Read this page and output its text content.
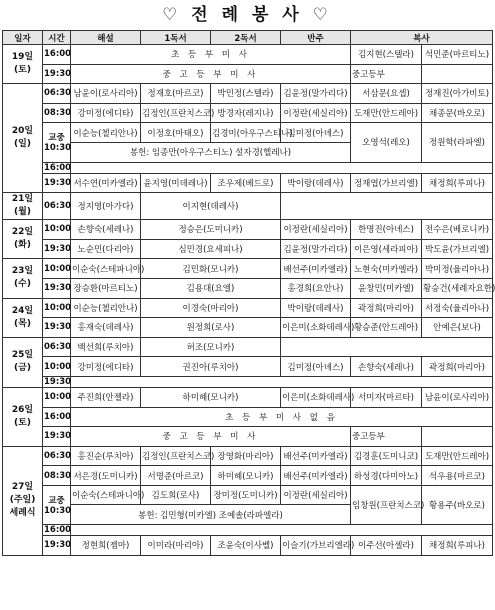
♡ 전 례 봉 사 ♡
일자	시간	해설	1독서	2독서	반주	복사	
19일
(토)	16:00	초 등 부 미 사				김지현(스텔라)	석민준(마르티노)
	19:30	중 고 등 부 미 사				중고등부	
20일
(일)	06:30	남윤이(로사리아)	정재호(마르코)	박민정(스텔라)	김윤정(말가리다)	서삼문(요셉)	정재진(아가비토)
	08:30	강미정(에디타)	김정인(프란치스코)	방경자(레지나)	이정란(세실리아)	도재만(안드레아)	채종문(바오로)
	교중
10:30	이순능(첼리안나)	이정호(마태오)	김경미(아우구스티나)	김미정(아녜스)	오영석(레오)	정원학(라파엘)
		봉헌: 임종만(아우구스티노) 설자경(헬레나)					
	16:00						
	19:30	서수연(미카엘라)	윤지영(미데레나)	조우제(베드로)	박이랑(데레사)	정재엽(가브리엘)	채정희(루피나)
21일
(월)	06:30	정지영(아가다)	이지현(데레사)				
22일
(화)	10:00	손향숙(세레나)	정승은(도미니카)		이정란(세실리아)	한명진(아녜스)	전수은(베로니카)
	19:30	노순민(다리아)	심민경(요세피나)		김윤정(말가리다)	이은영(세라피아)	박도윤(가브리엘)
23일
(수)	10:00	이순숙(스테파니아)	김민화(모니카)		배선주(미카엘라)	노현숙(미카엘라)	박미정(율리아나)
	19:30	장승환(마르티노)	김용대(요엘)		홍경희(요안나)	윤창민(미카엘)	황승건(세례자요한)
24일
(목)	10:00	이순능(첼리안나)	이경숙(마리아)		박이랑(데레사)	곽정희(마리아)	서정숙(율리아나)
	19:30	홍재숙(데레사)	원정희(로사)		이은미(소화데레사)	황승준(안드레아)	안예은(보나)
25일
(금)	06:30	백선희(루치아)	허조(모니카)				
	10:00	강미정(에디타)	권진아(루치아)		김미정(아녜스)	손향숙(세레나)	곽정희(마리아)
	19:30						
26일
(토)	10:00	주진희(안젤라)	하미혜(모니카)		이은미(소화데레사)	서미자(마르타)	남윤이(로사리아)
	16:00	초 등 부 미 사 없 음					
	19:30	중 고 등 부 미 사				중고등부	
27일
(주일)
세례식	06:30	홍진순(루치아)	김정인(프란치스코)	장영화(마리아)	배선주(미카엘라)	김경훈(도미니코)	도재만(안드레아)
	08:30	서은경(도미니카)	서명준(마르코)	하미혜(모니카)	배선주(미카엘라)	하성경(다미아노)	석우용(마르코)
	교중
10:30	이순숙(스테파니아)	김도희(로사)	장미정(도미니카)	이정란(세실리아)	임창원(프란치스코)	황용주(바오로)
		봉헌: 김민형(미카엘) 조예솔(라파엘라)					
	16:00						
	19:30	정현희(젬마)	이미라(마리아)	조윤숙(이사벨)	이슬기(가브리엘라)	이주선(아셀라)	채정희(루피나)
